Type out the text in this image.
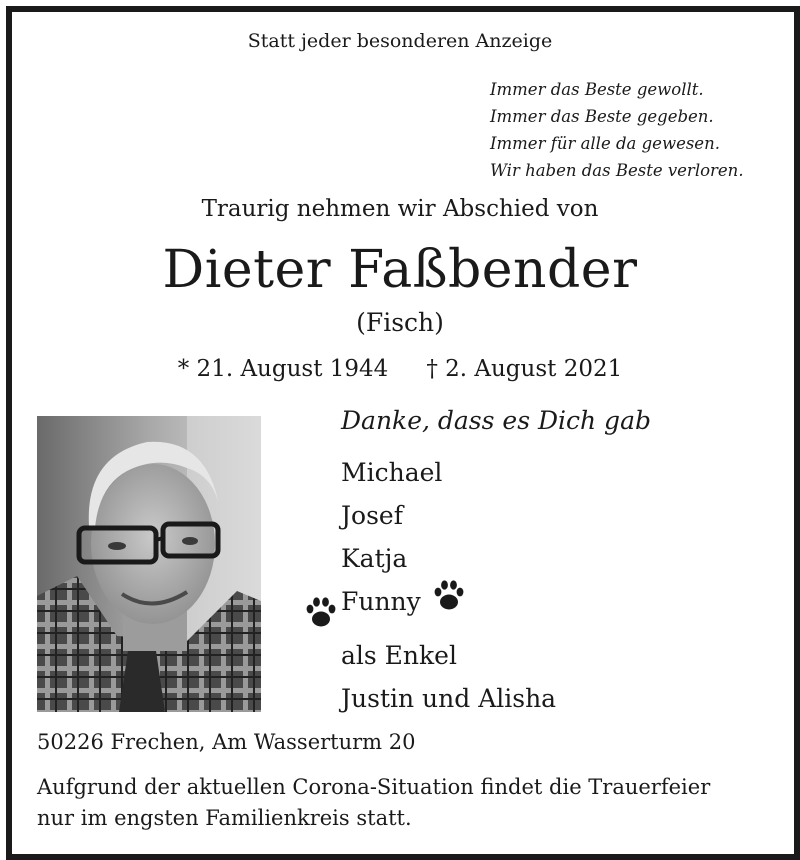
Statt jeder besonderen Anzeige
Immer das Beste gewollt.
Immer das Beste gegeben.
Immer für alle da gewesen.
Wir haben das Beste verloren.
Traurig nehmen wir Abschied von
Dieter Faßbender
(Fisch)
* 21. August 1944 † 2. August 2021
Danke, dass es Dich gab
Michael
Josef
Katja
Funny
als Enkel
Justin und Alisha
50226 Frechen, Am Wasserturm 20
Aufgrund der aktuellen Corona-Situation findet die Trauerfeier
nur im engsten Familienkreis statt.
